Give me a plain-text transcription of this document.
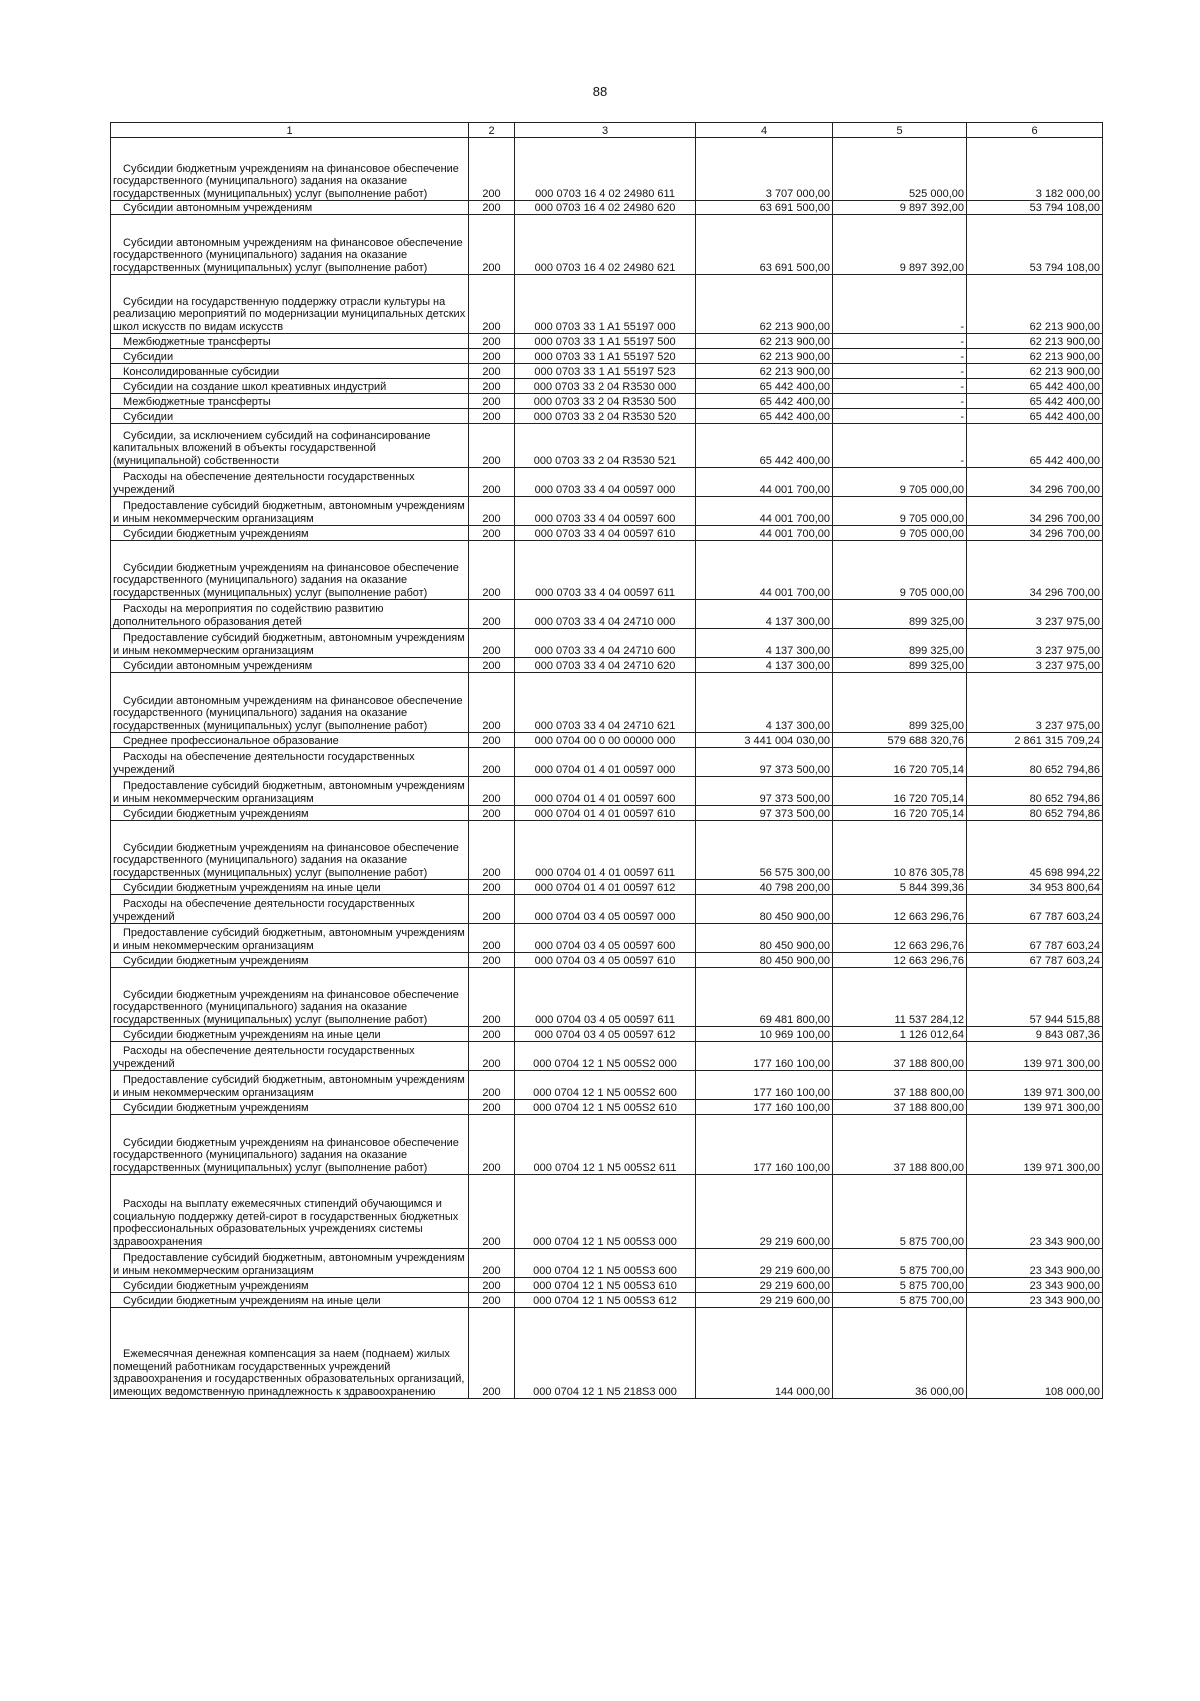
88
1	2	3	4	5	6

Субсидии бюджетным учреждениям на финансовое обеспечение государственного (муниципального) задания на оказание государственных (муниципальных) услуг (выполнение работ)	200	000 0703 16 4 02 24980 611	3 707 000,00	525 000,00	3 182 000,00

Субсидии автономным учреждениям	200	000 0703 16 4 02 24980 620	63 691 500,00	9 897 392,00	53 794 108,00

Субсидии автономным учреждениям на финансовое обеспечение государственного (муниципального) задания на оказание государственных (муниципальных) услуг (выполнение работ)	200	000 0703 16 4 02 24980 621	63 691 500,00	9 897 392,00	53 794 108,00

Субсидии на государственную поддержку отрасли культуры на реализацию мероприятий по модернизации муниципальных детских школ искусств по видам искусств	200	000 0703 33 1 A1 55197 000	62 213 900,00	-	62 213 900,00

Межбюджетные трансферты	200	000 0703 33 1 A1 55197 500	62 213 900,00	-	62 213 900,00

Субсидии	200	000 0703 33 1 A1 55197 520	62 213 900,00	-	62 213 900,00

Консолидированные субсидии	200	000 0703 33 1 A1 55197 523	62 213 900,00	-	62 213 900,00

Субсидии на создание школ креативных индустрий	200	000 0703 33 2 04 R3530 000	65 442 400,00	-	65 442 400,00

Межбюджетные трансферты	200	000 0703 33 2 04 R3530 500	65 442 400,00	-	65 442 400,00

Субсидии	200	000 0703 33 2 04 R3530 520	65 442 400,00	-	65 442 400,00

Субсидии, за исключением субсидий на софинансирование капитальных вложений в объекты государственной (муниципальной) собственности	200	000 0703 33 2 04 R3530 521	65 442 400,00	-	65 442 400,00

Расходы на обеспечение деятельности государственных учреждений	200	000 0703 33 4 04 00597 000	44 001 700,00	9 705 000,00	34 296 700,00

Предоставление субсидий бюджетным, автономным учреждениям и иным некоммерческим организациям	200	000 0703 33 4 04 00597 600	44 001 700,00	9 705 000,00	34 296 700,00

Субсидии бюджетным учреждениям	200	000 0703 33 4 04 00597 610	44 001 700,00	9 705 000,00	34 296 700,00

Субсидии бюджетным учреждениям на финансовое обеспечение государственного (муниципального) задания на оказание государственных (муниципальных) услуг (выполнение работ)	200	000 0703 33 4 04 00597 611	44 001 700,00	9 705 000,00	34 296 700,00

Расходы на мероприятия по содействию развитию дополнительного образования детей	200	000 0703 33 4 04 24710 000	4 137 300,00	899 325,00	3 237 975,00

Предоставление субсидий бюджетным, автономным учреждениям и иным некоммерческим организациям	200	000 0703 33 4 04 24710 600	4 137 300,00	899 325,00	3 237 975,00

Субсидии автономным учреждениям	200	000 0703 33 4 04 24710 620	4 137 300,00	899 325,00	3 237 975,00

Субсидии автономным учреждениям на финансовое обеспечение государственного (муниципального) задания на оказание государственных (муниципальных) услуг (выполнение работ)	200	000 0703 33 4 04 24710 621	4 137 300,00	899 325,00	3 237 975,00

Среднее профессиональное образование	200	000 0704 00 0 00 00000 000	3 441 004 030,00	579 688 320,76	2 861 315 709,24

Расходы на обеспечение деятельности государственных учреждений	200	000 0704 01 4 01 00597 000	97 373 500,00	16 720 705,14	80 652 794,86

Предоставление субсидий бюджетным, автономным учреждениям и иным некоммерческим организациям	200	000 0704 01 4 01 00597 600	97 373 500,00	16 720 705,14	80 652 794,86

Субсидии бюджетным учреждениям	200	000 0704 01 4 01 00597 610	97 373 500,00	16 720 705,14	80 652 794,86

Субсидии бюджетным учреждениям на финансовое обеспечение государственного (муниципального) задания на оказание государственных (муниципальных) услуг (выполнение работ)	200	000 0704 01 4 01 00597 611	56 575 300,00	10 876 305,78	45 698 994,22

Субсидии бюджетным учреждениям на иные цели	200	000 0704 01 4 01 00597 612	40 798 200,00	5 844 399,36	34 953 800,64

Расходы на обеспечение деятельности государственных учреждений	200	000 0704 03 4 05 00597 000	80 450 900,00	12 663 296,76	67 787 603,24

Предоставление субсидий бюджетным, автономным учреждениям и иным некоммерческим организациям	200	000 0704 03 4 05 00597 600	80 450 900,00	12 663 296,76	67 787 603,24

Субсидии бюджетным учреждениям	200	000 0704 03 4 05 00597 610	80 450 900,00	12 663 296,76	67 787 603,24

Субсидии бюджетным учреждениям на финансовое обеспечение государственного (муниципального) задания на оказание государственных (муниципальных) услуг (выполнение работ)	200	000 0704 03 4 05 00597 611	69 481 800,00	11 537 284,12	57 944 515,88

Субсидии бюджетным учреждениям на иные цели	200	000 0704 03 4 05 00597 612	10 969 100,00	1 126 012,64	9 843 087,36

Расходы на обеспечение деятельности государственных учреждений	200	000 0704 12 1 N5 005S2 000	177 160 100,00	37 188 800,00	139 971 300,00

Предоставление субсидий бюджетным, автономным учреждениям и иным некоммерческим организациям	200	000 0704 12 1 N5 005S2 600	177 160 100,00	37 188 800,00	139 971 300,00

Субсидии бюджетным учреждениям	200	000 0704 12 1 N5 005S2 610	177 160 100,00	37 188 800,00	139 971 300,00

Субсидии бюджетным учреждениям на финансовое обеспечение государственного (муниципального) задания на оказание государственных (муниципальных) услуг (выполнение работ)	200	000 0704 12 1 N5 005S2 611	177 160 100,00	37 188 800,00	139 971 300,00

Расходы на выплату ежемесячных стипендий обучающимся и социальную поддержку детей-сирот в государственных бюджетных профессиональных образовательных учреждениях системы здравоохранения	200	000 0704 12 1 N5 005S3 000	29 219 600,00	5 875 700,00	23 343 900,00

Предоставление субсидий бюджетным, автономным учреждениям и иным некоммерческим организациям	200	000 0704 12 1 N5 005S3 600	29 219 600,00	5 875 700,00	23 343 900,00

Субсидии бюджетным учреждениям	200	000 0704 12 1 N5 005S3 610	29 219 600,00	5 875 700,00	23 343 900,00

Субсидии бюджетным учреждениям на иные цели	200	000 0704 12 1 N5 005S3 612	29 219 600,00	5 875 700,00	23 343 900,00

Ежемесячная денежная компенсация за наем (поднаем) жилых помещений работникам государственных учреждений здравоохранения и государственных образовательных организаций, имеющих ведомственную принадлежность к здравоохранению	200	000 0704 12 1 N5 218S3 000	144 000,00	36 000,00	108 000,00
